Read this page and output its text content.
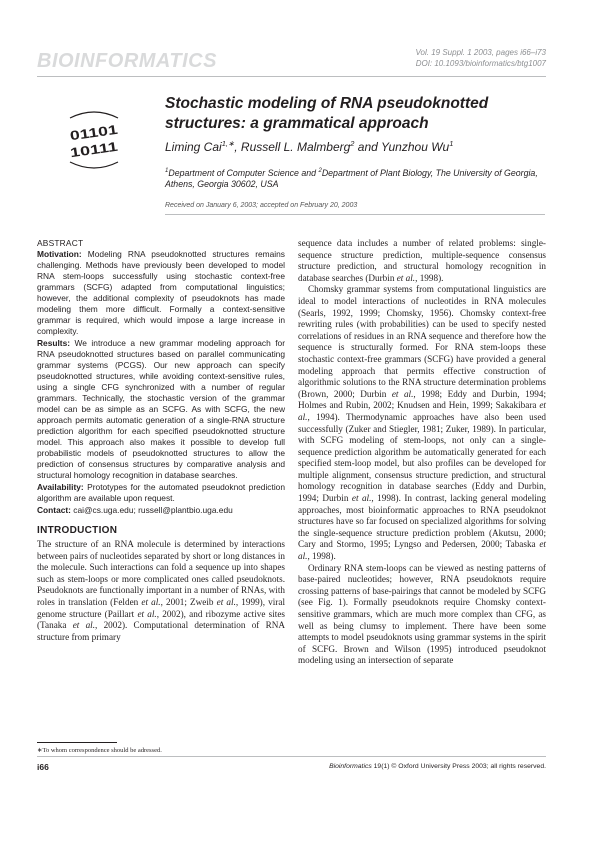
BIOINFORMATICS	Vol. 19 Suppl. 1 2003, pages i66–i73
DOI: 10.1093/bioinformatics/btg1007
01101
10111
Stochastic modeling of RNA pseudoknotted structures: a grammatical approach
Liming Cai$^{1,∗}$, Russell L. Malmberg$^2$ and Yunzhou Wu$^1$
$^1$Department of Computer Science and $^2$Department of Plant Biology, The University of Georgia, Athens, Georgia 30602, USA
Received on January 6, 2003; accepted on February 20, 2003

ABSTRACT

Motivation: Modeling RNA pseudoknotted structures remains challenging. Methods have previously been developed to model RNA stem-loops successfully using stochastic context-free grammars (SCFG) adapted from computational linguistics; however, the additional complexity of pseudoknots has made modeling them more difficult. Formally a context-sensitive grammar is required, which would impose a large increase in complexity.

Results: We introduce a new grammar modeling approach for RNA pseudoknotted structures based on parallel communicating grammar systems (PCGS). Our new approach can specify pseudoknotted structures, while avoiding context-sensitive rules, using a single CFG synchronized with a number of regular grammars. Technically, the stochastic version of the grammar model can be as simple as an SCFG. As with SCFG, the new approach permits automatic generation of a single-RNA structure prediction algorithm for each specified pseudoknotted structure model. This approach also makes it possible to develop full probabilistic models of pseudoknotted structures to allow the prediction of consensus structures by comparative analysis and structural homology recognition in database searches.

Availability: Prototypes for the automated pseudoknot prediction algorithm are available upon request.

Contact: cai@cs.uga.edu; russell@plantbio.uga.edu

INTRODUCTION

The structure of an RNA molecule is determined by interactions between pairs of nucleotides separated by short or long distances in the molecule. Such interactions can fold a sequence up into shapes such as stem-loops or more complicated ones called pseudoknots. Pseudoknots are functionally important in a number of RNAs, with roles in translation (Felden et al., 2001; Zweib et al., 1999), viral genome structure (Paillart et al., 2002), and ribozyme active sites (Tanaka et al., 2002). Computational determination of RNA structure from primary

sequence data includes a number of related problems: single-sequence structure prediction, multiple-sequence consensus structure prediction, and structural homology recognition in database searches (Durbin et al., 1998).

Chomsky grammar systems from computational linguistics are ideal to model interactions of nucleotides in RNA molecules (Searls, 1992, 1999; Chomsky, 1956). Chomsky context-free rewriting rules (with probabilities) can be used to specify nested correlations of residues in an RNA sequence and therefore how the sequence is structurally formed. For RNA stem-loops these stochastic context-free grammars (SCFG) have provided a general modeling approach that permits effective construction of algorithmic solutions to the RNA structure determination problems (Brown, 2000; Durbin et al., 1998; Eddy and Durbin, 1994; Holmes and Rubin, 2002; Knudsen and Hein, 1999; Sakakibara et al., 1994). Thermodynamic approaches have also been used successfully (Zuker and Stiegler, 1981; Zuker, 1989). In particular, with SCFG modeling of stem-loops, not only can a single-sequence prediction algorithm be automatically generated for each specified stem-loop model, but also profiles can be developed for multiple alignment, consensus structure prediction, and structural homology recognition in database searches (Eddy and Durbin, 1994; Durbin et al., 1998). In contrast, lacking general modeling approaches, most bioinformatic approaches to RNA pseudoknot structures have so far focused on specialized algorithms for solving the single-sequence structure prediction problem (Akutsu, 2000; Cary and Stormo, 1995; Lyngso and Pedersen, 2000; Tabaska et al., 1998).

Ordinary RNA stem-loops can be viewed as nesting patterns of base-paired nucleotides; however, RNA pseudoknots require crossing patterns of base-pairings that cannot be modeled by SCFG (see Fig. 1). Formally pseudoknots require Chomsky context-sensitive grammars, which are much more complex than CFG, as well as being clumsy to implement. There have been some attempts to model pseudoknots using grammar systems in the spirit of SCFG. Brown and Wilson (1995) introduced pseudoknot modeling using an intersection of separate

∗To whom correspondence should be adressed.
i66	Bioinformatics 19(1) © Oxford University Press 2003; all rights reserved.
